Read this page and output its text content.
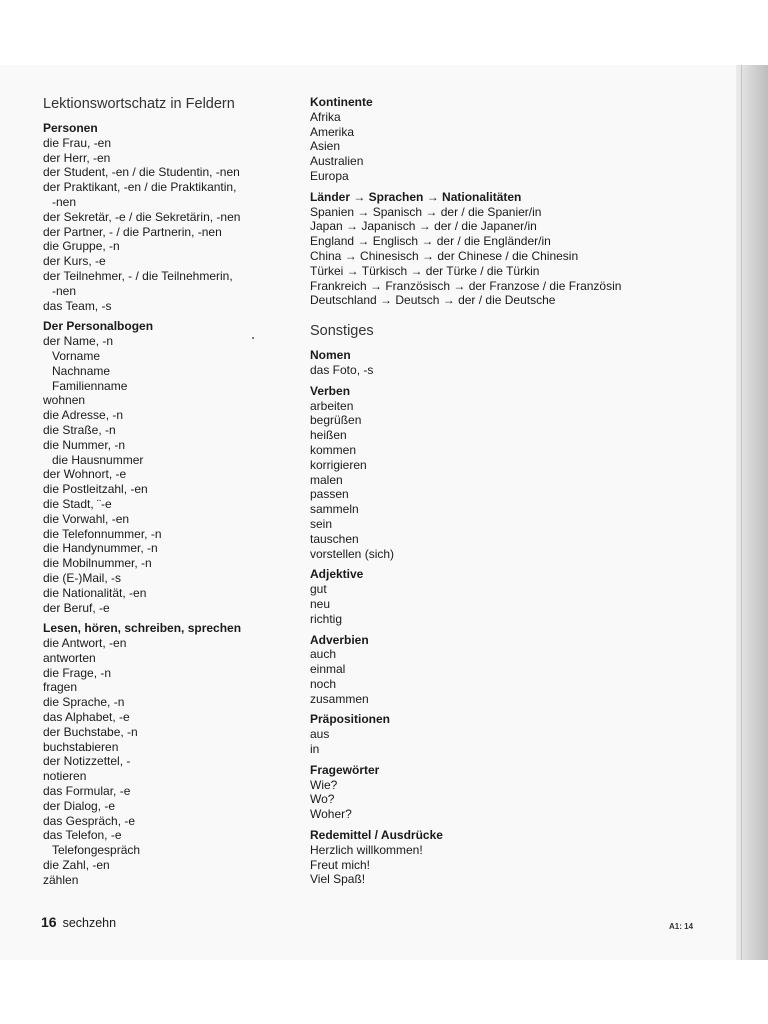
Lektionswortschatz in Feldern
Personen
die Frau, -en
der Herr, -en
der Student, -en / die Studentin, -nen
der Praktikant, -en / die Praktikantin,
-nen
der Sekretär, -e / die Sekretärin, -nen
der Partner, - / die Partnerin, -nen
die Gruppe, -n
der Kurs, -e
der Teilnehmer, - / die Teilnehmerin,
-nen
das Team, -s
Der Personalbogen
der Name, -n
Vorname
Nachname
Familienname
wohnen
die Adresse, -n
die Straße, -n
die Nummer, -n
die Hausnummer
der Wohnort, -e
die Postleitzahl, -en
die Stadt, ¨-e
die Vorwahl, -en
die Telefonnummer, -n
die Handynummer, -n
die Mobilnummer, -n
die (E-)Mail, -s
die Nationalität, -en
der Beruf, -e
Lesen, hören, schreiben, sprechen
die Antwort, -en
antworten
die Frage, -n
fragen
die Sprache, -n
das Alphabet, -e
der Buchstabe, -n
buchstabieren
der Notizzettel, -
notieren
das Formular, -e
der Dialog, -e
das Gespräch, -e
das Telefon, -e
Telefongespräch
die Zahl, -en
zählen
Kontinente
Afrika
Amerika
Asien
Australien
Europa
Länder → Sprachen → Nationalitäten
Spanien → Spanisch → der / die Spanier/in
Japan → Japanisch → der / die Japaner/in
England → Englisch → der / die Engländer/in
China → Chinesisch → der Chinese / die Chinesin
Türkei → Türkisch → der Türke / die Türkin
Frankreich → Französisch → der Franzose / die Französin
Deutschland → Deutsch → der / die Deutsche
Sonstiges
Nomen
das Foto, -s
Verben
arbeiten
begrüßen
heißen
kommen
korrigieren
malen
passen
sammeln
sein
tauschen
vorstellen (sich)
Adjektive
gut
neu
richtig
Adverbien
auch
einmal
noch
zusammen
Präpositionen
aus
in
Fragewörter
Wie?
Wo?
Woher?
Redemittel / Ausdrücke
Herzlich willkommen!
Freut mich!
Viel Spaß!
16 sechzehn	A1: 14
